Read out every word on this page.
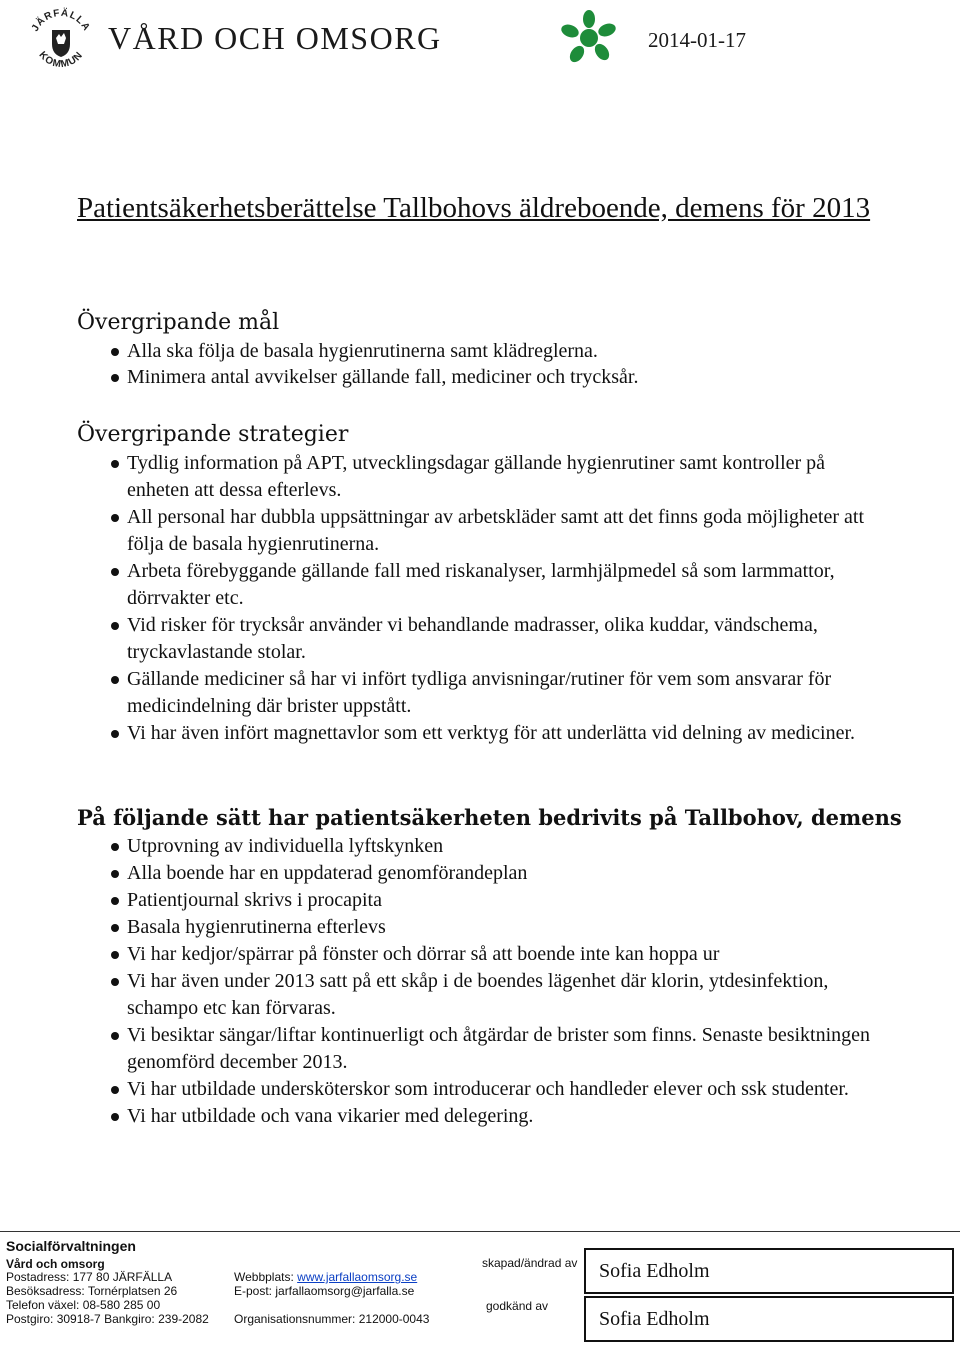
JÄRFÄLLA
KOMMUN
VÅRD OCH OMSORG	2014-01-17
Patientsäkerhetsberättelse Tallbohovs äldreboende, demens för 2013
Övergripande mål
Alla ska följa de basala hygienrutinerna samt klädreglerna.
Minimera antal avvikelser gällande fall, mediciner och trycksår.
Övergripande strategier
Tydlig information på APT, utvecklingsdagar gällande hygienrutiner samt kontroller på enheten att dessa efterlevs.
All personal har dubbla uppsättningar av arbetskläder samt att det finns goda möjligheter att följa de basala hygienrutinerna.
Arbeta förebyggande gällande fall med riskanalyser, larmhjälpmedel så som larmmattor, dörrvakter etc.
Vid risker för trycksår använder vi behandlande madrasser, olika kuddar, vändschema, tryckavlastande stolar.
Gällande mediciner så har vi infört tydliga anvisningar/rutiner för vem som ansvarar för medicindelning där brister uppstått.
Vi har även infört magnettavlor som ett verktyg för att underlätta vid delning av mediciner.
På följande sätt har patientsäkerheten bedrivits på Tallbohov, demens
Utprovning av individuella lyftskynken
Alla boende har en uppdaterad genomförandeplan
Patientjournal skrivs i procapita
Basala hygienrutinerna efterlevs
Vi har kedjor/spärrar på fönster och dörrar så att boende inte kan hoppa ur
Vi har även under 2013 satt på ett skåp i de boendes lägenhet där klorin, ytdesinfektion, schampo etc kan förvaras.
Vi besiktar sängar/liftar kontinuerligt och åtgärdar de brister som finns. Senaste besiktningen genomförd december 2013.
Vi har utbildade undersköterskor som introducerar och handleder elever och ssk studenter.
Vi har utbildade och vana vikarier med delegering.
Socialförvaltningen
Vård och omsorg
Postadress: 177 80 JÄRFÄLLA
Besöksadress: Tornérplatsen 26
Telefon växel: 08-580 285 00
Postgiro: 30918-7 Bankgiro: 239-2082
Webbplats: www.jarfallaomsorg.se
E-post: jarfallaomsorg@jarfalla.se
Organisationsnummer: 212000-0043
skapad/ändrad av
godkänd av
Sofia Edholm
Sofia Edholm
